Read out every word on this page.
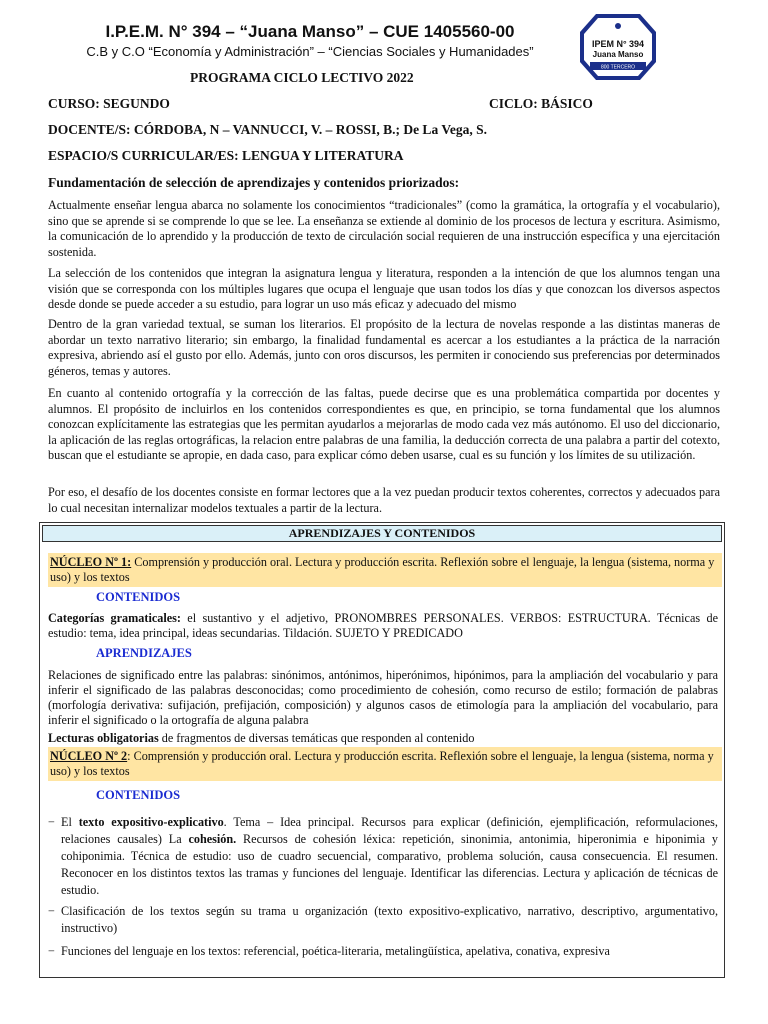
I.P.E.M. N° 394 – “Juana Manso” – CUE 1405560-00
C.B y C.O “Economía y Administración” – “Ciencias Sociales y Humanidades”	IPEM N° 394
Juana Manso
800 TERCERO
PROGRAMA CICLO LECTIVO 2022
CURSO: SEGUNDO	CICLO: BÁSICO
DOCENTE/S: CÓRDOBA, N – VANNUCCI, V. – ROSSI, B.; De La Vega, S.
ESPACIO/S CURRICULAR/ES: LENGUA Y LITERATURA
Fundamentación de selección de aprendizajes y contenidos priorizados:

Actualmente enseñar lengua abarca no solamente los conocimientos “tradicionales” (como la gramática, la ortografía y el vocabulario), sino que se aprende si se comprende lo que se lee. La enseñanza se extiende al dominio de los procesos de lectura y escritura. Asimismo, la comunicación de lo aprendido y la producción de texto de circulación social requieren de una instrucción específica y una ejercitación sostenida.

La selección de los contenidos que integran la asignatura lengua y literatura, responden a la intención de que los alumnos tengan una visión que se corresponda con los múltiples lugares que ocupa el lenguaje que usan todos los días y que conozcan los diversos aspectos desde donde se puede acceder a su estudio, para lograr un uso más eficaz y adecuado del mismo

Dentro de la gran variedad textual, se suman los literarios. El propósito de la lectura de novelas responde a las distintas maneras de abordar un texto narrativo literario; sin embargo, la finalidad fundamental es acercar a los estudiantes a la práctica de la narración expresiva, abriendo así el gusto por ello. Además, junto con oros discursos, les permiten ir conociendo sus preferencias por determinados géneros, temas y autores.

En cuanto al contenido ortografía y la corrección de las faltas, puede decirse que es una problemática compartida por docentes y alumnos. El propósito de incluirlos en los contenidos correspondientes es que, en principio, se torna fundamental que los alumnos conozcan explícitamente las estrategias que les permitan ayudarlos a mejorarlas de modo cada vez más autónomo. El uso del diccionario, la aplicación de las reglas ortográficas, la relacion entre palabras de una familia, la deducción correcta de una palabra a partir del cotexto, buscan que el estudiante se apropie, en dada caso, para explicar cómo deben usarse, cual es su función y los límites de su utilización.

Por eso, el desafío de los docentes consiste en formar lectores que a la vez puedan producir textos coherentes, correctos y adecuados para lo cual necesitan internalizar modelos textuales a partir de la lectura.

APRENDIZAJES Y CONTENIDOS
NÚCLEO Nº 1: Comprensión y producción oral. Lectura y producción escrita. Reflexión sobre el lenguaje, la lengua (sistema, norma y uso) y los textos
CONTENIDOS

Categorías gramaticales: el sustantivo y el adjetivo, PRONOMBRES PERSONALES. VERBOS: ESTRUCTURA. Técnicas de estudio: tema, idea principal, ideas secundarias. Tildación. SUJETO Y PREDICADO

APRENDIZAJES

Relaciones de significado entre las palabras: sinónimos, antónimos, hiperónimos, hipónimos, para la ampliación del vocabulario y para inferir el significado de las palabras desconocidas; como procedimiento de cohesión, como recurso de estilo; formación de palabras (morfología derivativa: sufijación, prefijación, composición) y algunos casos de etimología para la ampliación del vocabulario, para inferir el significado o la ortografía de alguna palabra

Lecturas obligatorias de fragmentos de diversas temáticas que responden al contenido

NÚCLEO Nº 2: Comprensión y producción oral. Lectura y producción escrita. Reflexión sobre el lenguaje, la lengua (sistema, norma y uso) y los textos
CONTENIDOS
− El texto expositivo-explicativo. Tema – Idea principal. Recursos para explicar (definición, ejemplificación, reformulaciones, relaciones causales) La cohesión. Recursos de cohesión léxica: repetición, sinonimia, antonimia, hiperonimia e hiponimia y cohiponimia. Técnica de estudio: uso de cuadro secuencial, comparativo, problema solución, causa consecuencia. El resumen. Reconocer en los distintos textos las tramas y funciones del lenguaje. Identificar las diferencias. Lectura y aplicación de técnicas de estudio.
− Clasificación de los textos según su trama u organización (texto expositivo-explicativo, narrativo, descriptivo, argumentativo, instructivo)
− Funciones del lenguaje en los textos: referencial, poética-literaria, metalingüística, apelativa, conativa, expresiva
